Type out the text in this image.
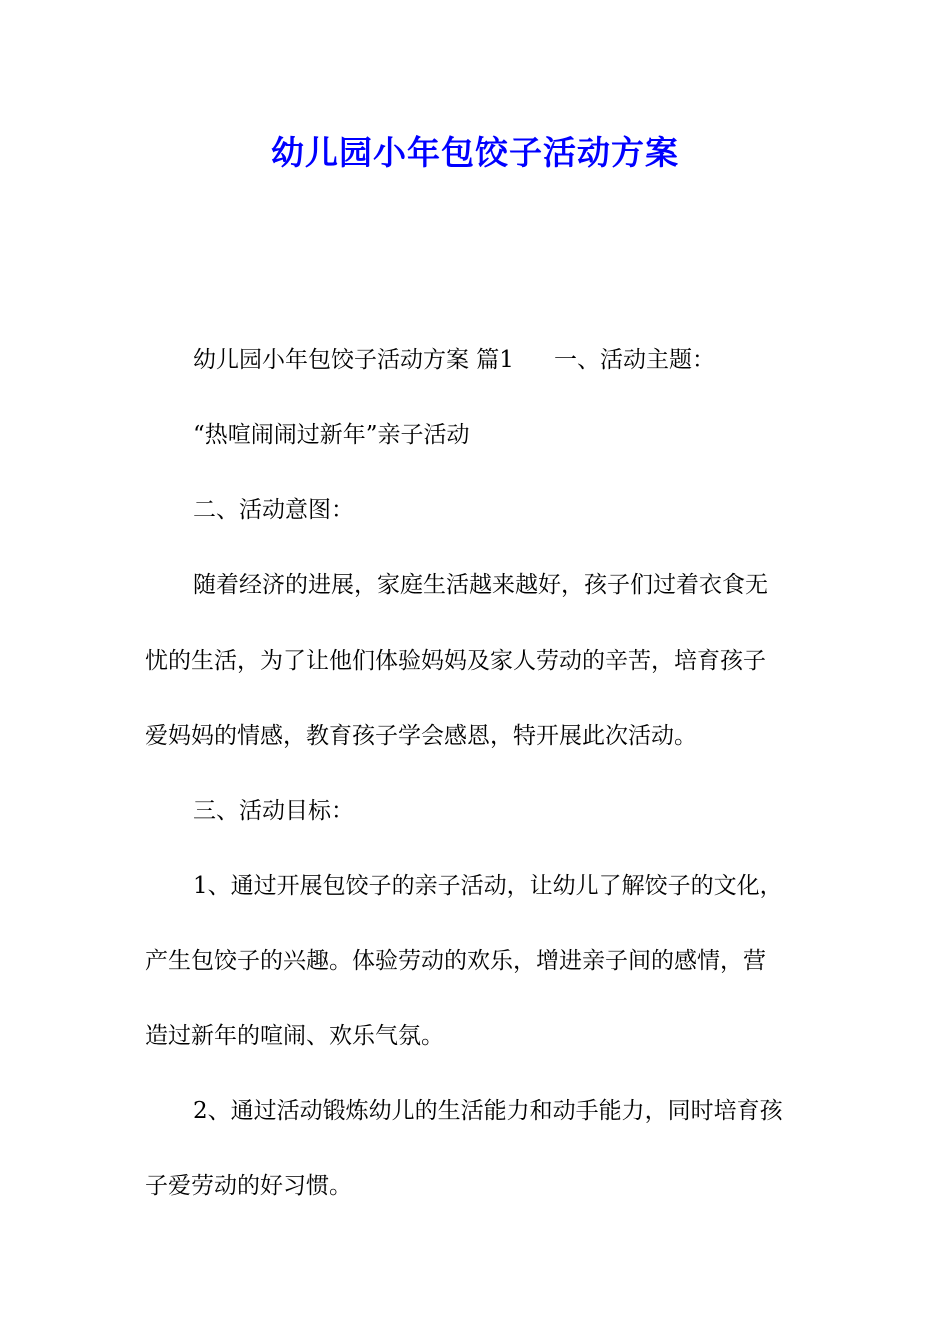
幼儿园小年包饺子活动方案

幼儿园小年包饺子活动方案 篇1 一、活动主题：

“热喧闹闹过新年”亲子活动

二、活动意图：

随着经济的进展，家庭生活越来越好，孩子们过着衣食无

忧的生活，为了让他们体验妈妈及家人劳动的辛苦，培育孩子

爱妈妈的情感，教育孩子学会感恩，特开展此次活动。

三、活动目标：

1、通过开展包饺子的亲子活动，让幼儿了解饺子的文化，

产生包饺子的兴趣。体验劳动的欢乐，增进亲子间的感情，营

造过新年的喧闹、欢乐气氛。

2、通过活动锻炼幼儿的生活能力和动手能力，同时培育孩

子爱劳动的好习惯。
